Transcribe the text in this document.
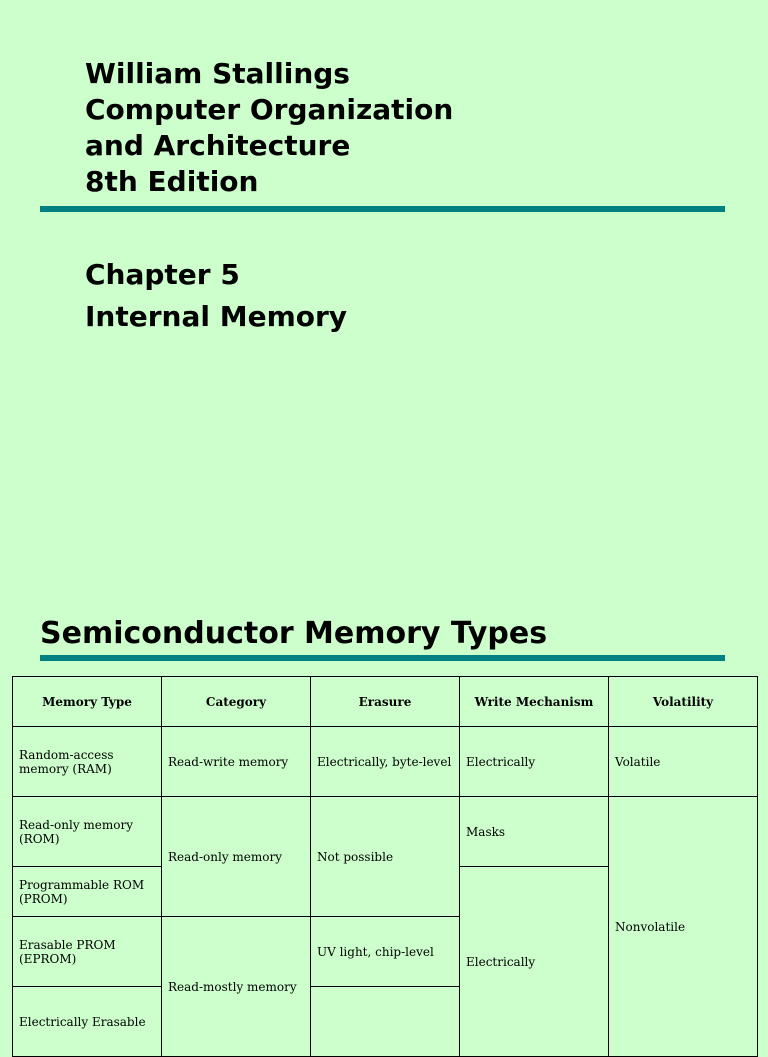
William Stallings
Computer Organization
and Architecture
8th Edition
Chapter 5
Internal Memory
Semiconductor Memory Types
Memory Type	Category	Erasure	Write Mechanism	Volatility
Random-access memory (RAM)	Read-write memory	Electrically, byte-level	Electrically	Volatile
Read-only memory (ROM)	Read-only memory	Not possible	Masks	Nonvolatile
Programmable ROM (PROM)			Electrically	
Erasable PROM (EPROM)	Read-mostly memory	UV light, chip-level		
Electrically Erasable				
